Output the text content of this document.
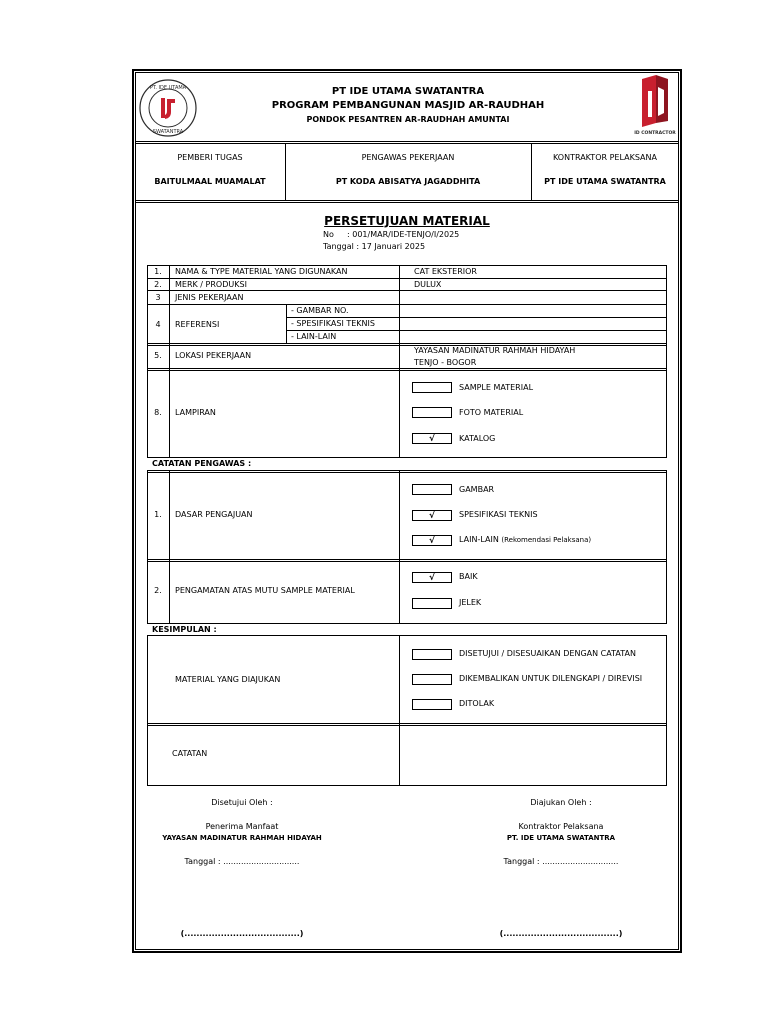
PT. IDE UTAMA
SWATANTRA	ID CONTRACTOR
PT IDE UTAMA SWATANTRA
PROGRAM PEMBANGUNAN MASJID AR-RAUDHAH
PONDOK PESANTREN AR-RAUDHAH AMUNTAI
PEMBERI TUGAS
BAITULMAAL MUAMALAT
PENGAWAS PEKERJAAN
PT KODA ABISATYA JAGADDHITA
KONTRAKTOR PELAKSANA
PT IDE UTAMA SWATANTRA
PERSETUJUAN MATERIAL
No : 001/MAR/IDE-TENJO/I/2025
Tanggal : 17 Januari 2025
1.	NAMA & TYPE MATERIAL YANG DIGUNAKAN	CAT EKSTERIOR
2.	MERK / PRODUKSI	DULUX
3	JENIS PEKERJAAN
4	REFERENSI
- GAMBAR NO.
- SPESIFIKASI TEKNIS
- LAIN-LAIN
5.	LOKASI PEKERJAAN
YAYASAN MADINATUR RAHMAH HIDAYAH
TENJO - BOGOR
8.	LAMPIRAN
SAMPLE MATERIAL
FOTO MATERIAL
√	KATALOG
CATATAN PENGAWAS :
1.	DASAR PENGAJUAN
GAMBAR
√	SPESIFIKASI TEKNIS
√	LAIN-LAIN (Rekomendasi Pelaksana)
2.	PENGAMATAN ATAS MUTU SAMPLE MATERIAL
√	BAIK
JELEK
KESIMPULAN :
MATERIAL YANG DIAJUKAN
DISETUJUI / DISESUAIKAN DENGAN CATATAN
DIKEMBALIKAN UNTUK DILENGKAPI / DIREVISI
DITOLAK
CATATAN
Disetujui Oleh :
Penerima Manfaat
YAYASAN MADINATUR RAHMAH HIDAYAH
Tanggal : ..............................
(......................................)
Diajukan Oleh :
Kontraktor Pelaksana
PT. IDE UTAMA SWATANTRA
Tanggal : ..............................
(......................................)
